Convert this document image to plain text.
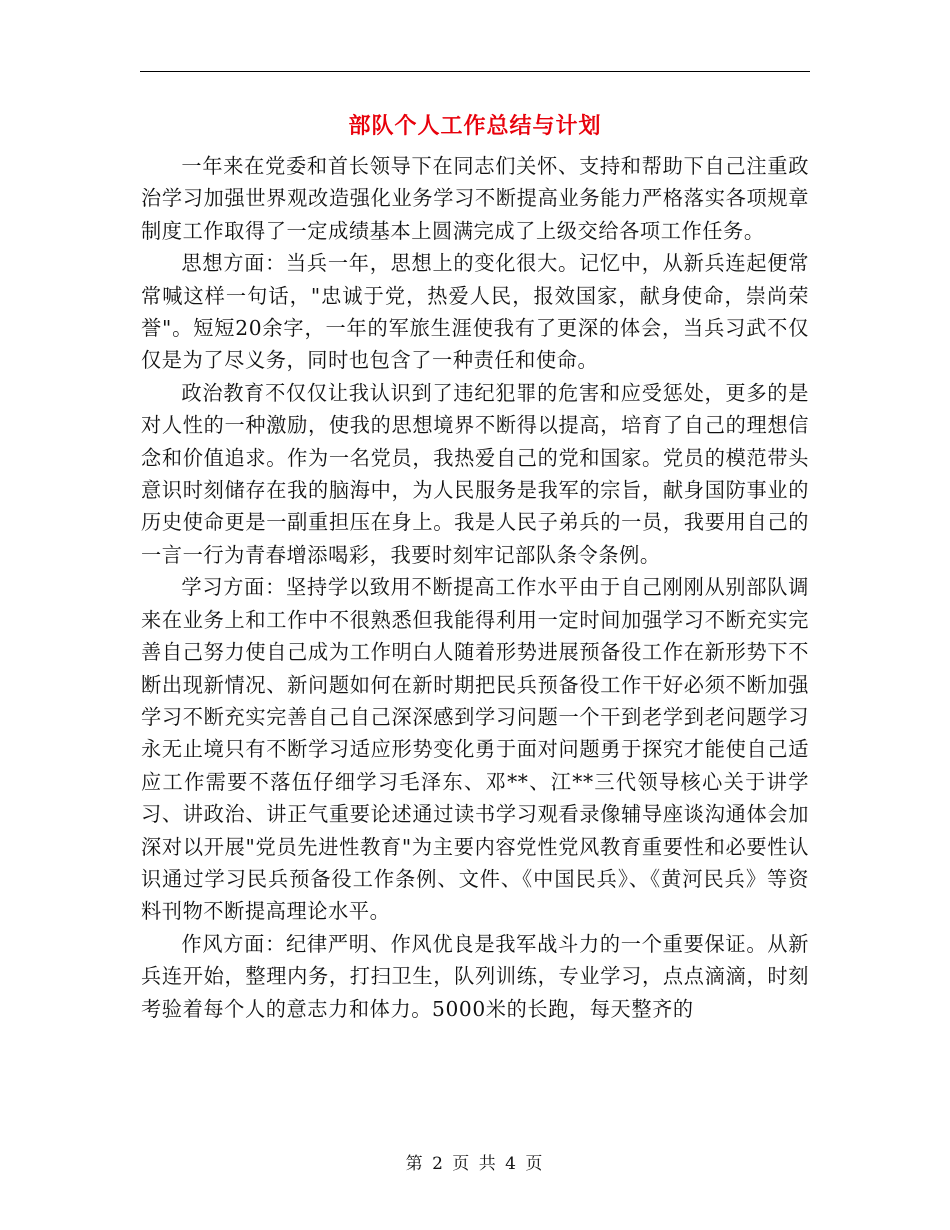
部队个人工作总结与计划

一年来在党委和首长领导下在同志们关怀、支持和帮助下自己注重政治学习加强世界观改造强化业务学习不断提高业务能力严格落实各项规章制度工作取得了一定成绩基本上圆满完成了上级交给各项工作任务。

思想方面：当兵一年，思想上的变化很大。记忆中，从新兵连起便常常喊这样一句话，"忠诚于党，热爱人民，报效国家，献身使命，崇尚荣誉"。短短20余字，一年的军旅生涯使我有了更深的体会，当兵习武不仅仅是为了尽义务，同时也包含了一种责任和使命。

政治教育不仅仅让我认识到了违纪犯罪的危害和应受惩处，更多的是对人性的一种激励，使我的思想境界不断得以提高，培育了自己的理想信念和价值追求。作为一名党员，我热爱自己的党和国家。党员的模范带头意识时刻储存在我的脑海中，为人民服务是我军的宗旨，献身国防事业的历史使命更是一副重担压在身上。我是人民子弟兵的一员，我要用自己的一言一行为青春增添喝彩，我要时刻牢记部队条令条例。

学习方面：坚持学以致用不断提高工作水平由于自己刚刚从别部队调来在业务上和工作中不很熟悉但我能得利用一定时间加强学习不断充实完善自己努力使自己成为工作明白人随着形势进展预备役工作在新形势下不断出现新情况、新问题如何在新时期把民兵预备役工作干好必须不断加强学习不断充实完善自己自己深深感到学习问题一个干到老学到老问题学习永无止境只有不断学习适应形势变化勇于面对问题勇于探究才能使自己适应工作需要不落伍仔细学习毛泽东、邓**、江**三代领导核心关于讲学习、讲政治、讲正气重要论述通过读书学习观看录像辅导座谈沟通体会加深对以开展"党员先进性教育"为主要内容党性党风教育重要性和必要性认识通过学习民兵预备役工作条例、文件、《中国民兵》、《黄河民兵》等资料刊物不断提高理论水平。

作风方面：纪律严明、作风优良是我军战斗力的一个重要保证。从新兵连开始，整理内务，打扫卫生，队列训练，专业学习，点点滴滴，时刻考验着每个人的意志力和体力。5000米的长跑，每天整齐的

第 2 页 共 4 页
